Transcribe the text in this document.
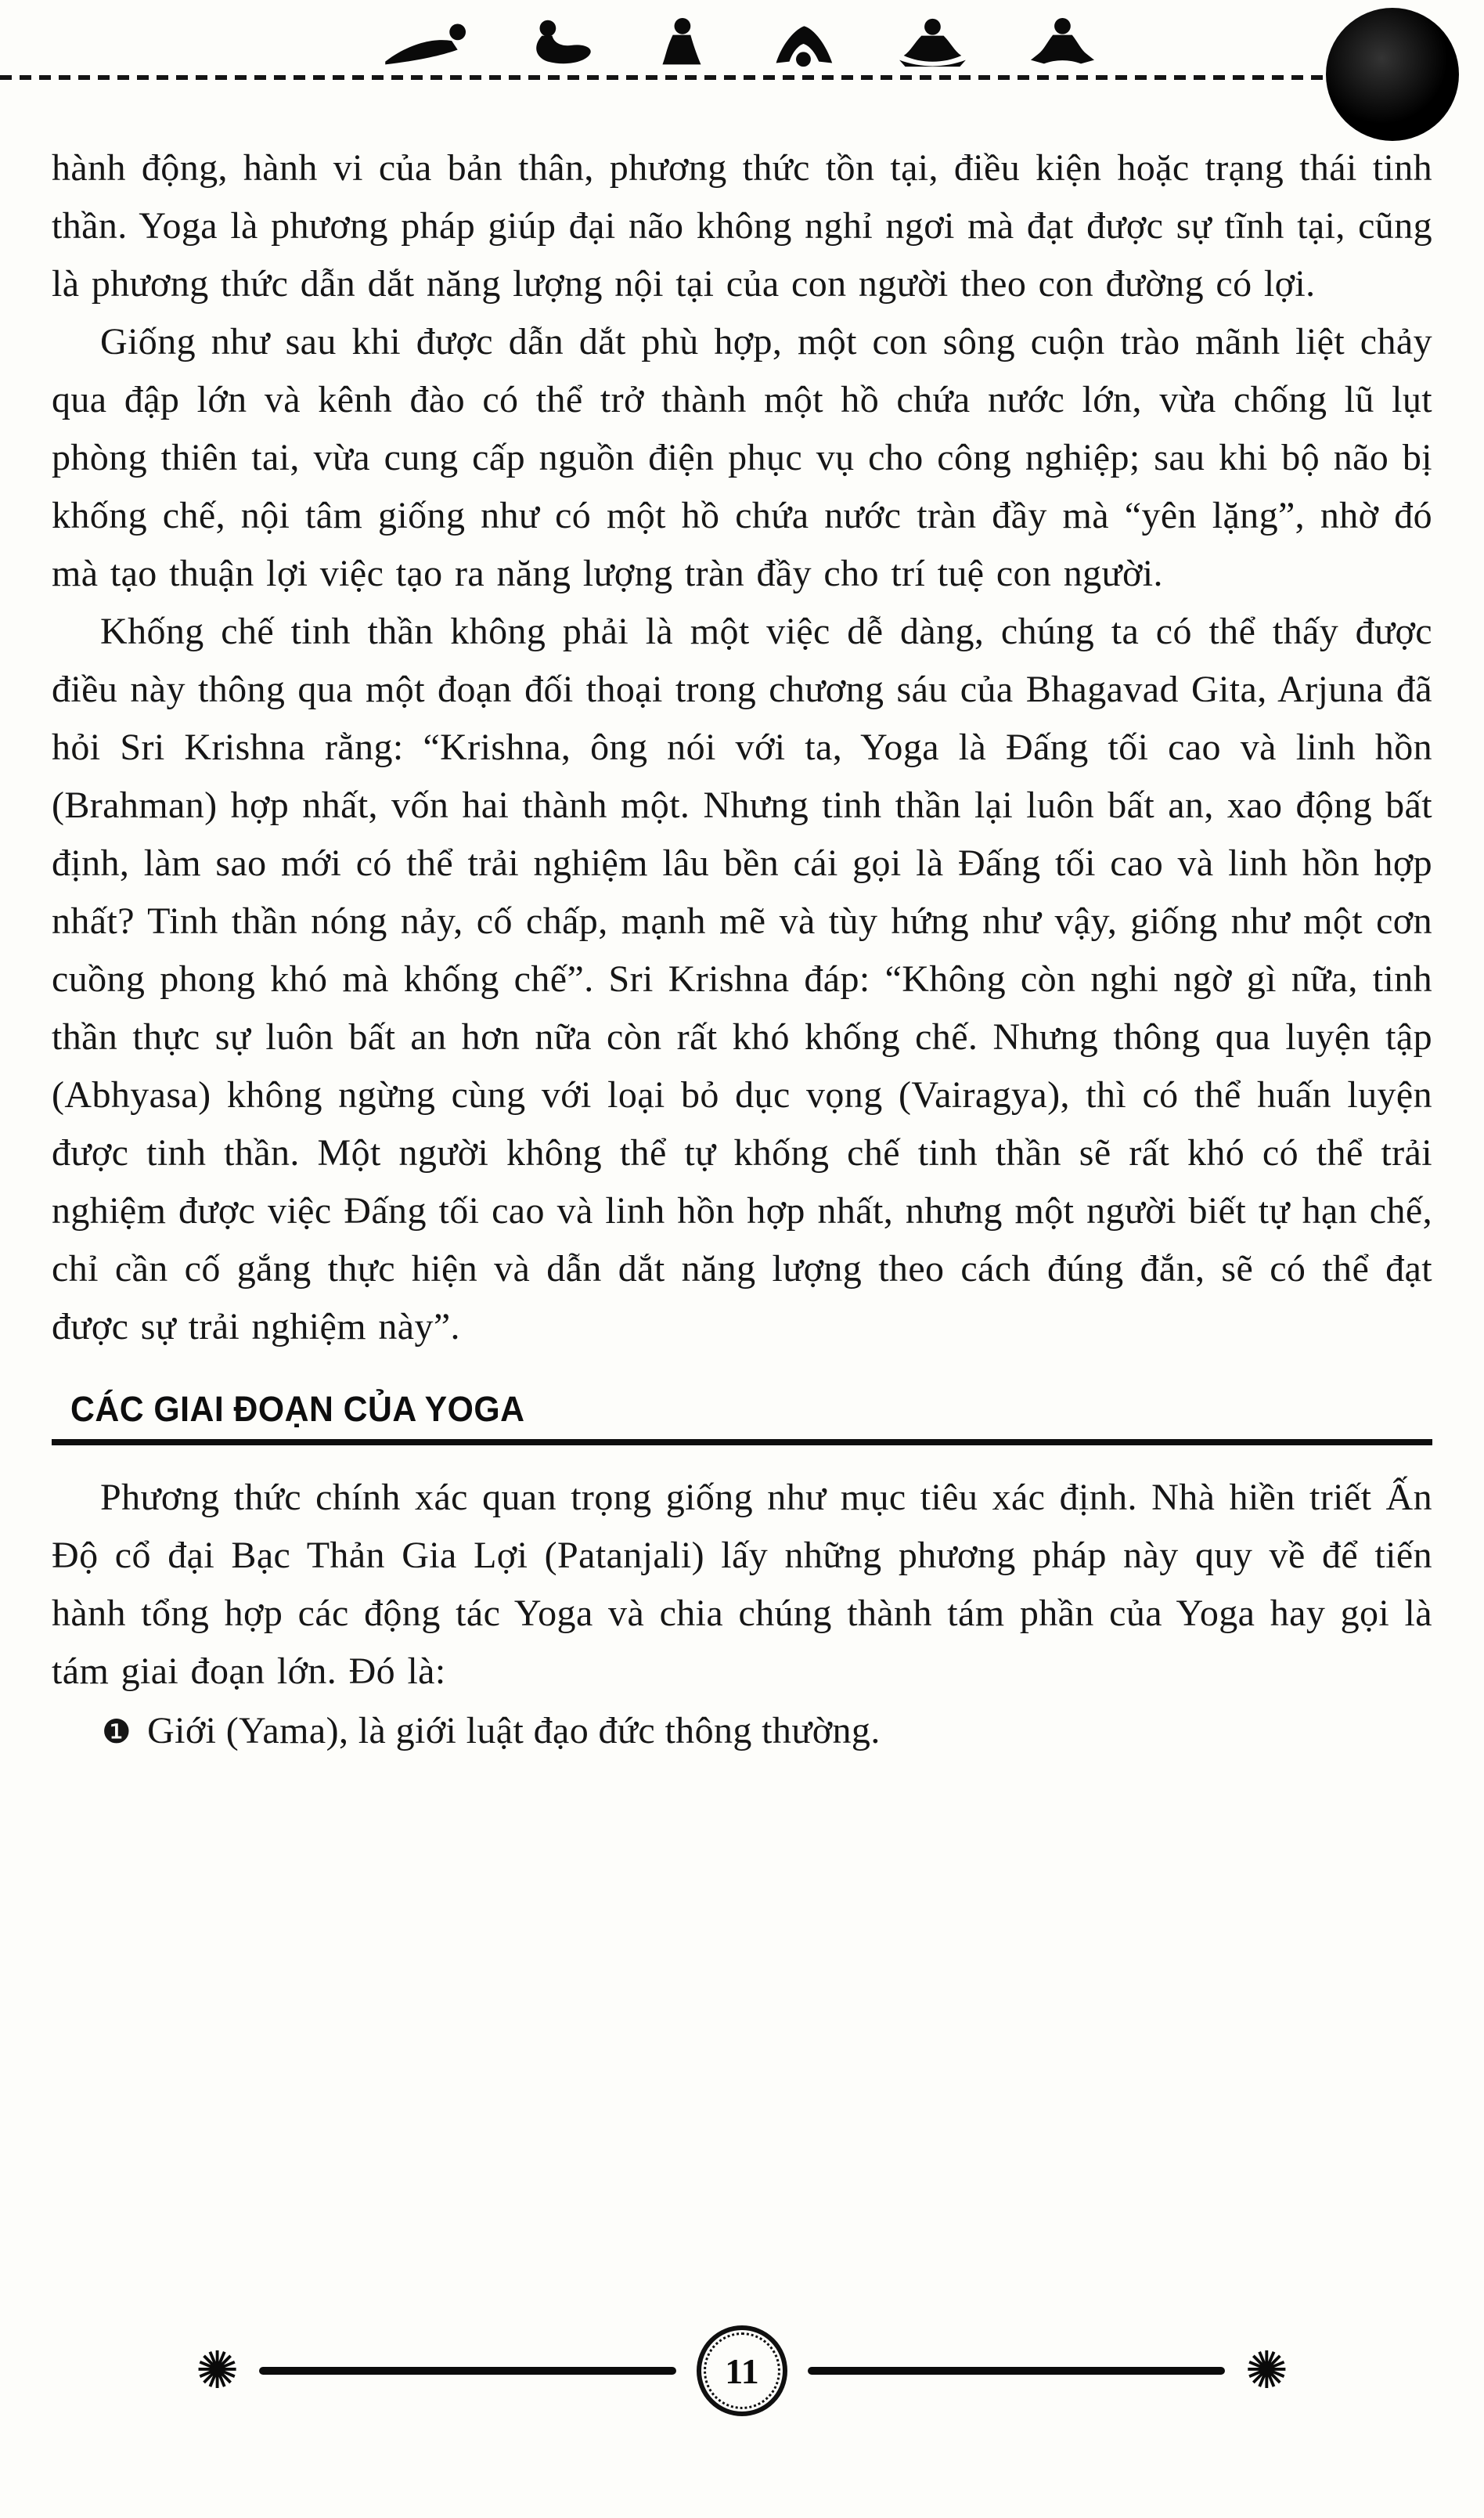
hành động, hành vi của bản thân, phương thức tồn tại, điều kiện hoặc trạng thái tinh thần. Yoga là phương pháp giúp đại não không nghỉ ngơi mà đạt được sự tĩnh tại, cũng là phương thức dẫn dắt năng lượng nội tại của con người theo con đường có lợi.

Giống như sau khi được dẫn dắt phù hợp, một con sông cuộn trào mãnh liệt chảy qua đập lớn và kênh đào có thể trở thành một hồ chứa nước lớn, vừa chống lũ lụt phòng thiên tai, vừa cung cấp nguồn điện phục vụ cho công nghiệp; sau khi bộ não bị khống chế, nội tâm giống như có một hồ chứa nước tràn đầy mà “yên lặng”, nhờ đó mà tạo thuận lợi việc tạo ra năng lượng tràn đầy cho trí tuệ con người.

Khống chế tinh thần không phải là một việc dễ dàng, chúng ta có thể thấy được điều này thông qua một đoạn đối thoại trong chương sáu của Bhagavad Gita, Arjuna đã hỏi Sri Krishna rằng: “Krishna, ông nói với ta, Yoga là Đấng tối cao và linh hồn (Brahman) hợp nhất, vốn hai thành một. Nhưng tinh thần lại luôn bất an, xao động bất định, làm sao mới có thể trải nghiệm lâu bền cái gọi là Đấng tối cao và linh hồn hợp nhất? Tinh thần nóng nảy, cố chấp, mạnh mẽ và tùy hứng như vậy, giống như một cơn cuồng phong khó mà khống chế”. Sri Krishna đáp: “Không còn nghi ngờ gì nữa, tinh thần thực sự luôn bất an hơn nữa còn rất khó khống chế. Nhưng thông qua luyện tập (Abhyasa) không ngừng cùng với loại bỏ dục vọng (Vairagya), thì có thể huấn luyện được tinh thần. Một người không thể tự khống chế tinh thần sẽ rất khó có thể trải nghiệm được việc Đấng tối cao và linh hồn hợp nhất, nhưng một người biết tự hạn chế, chỉ cần cố gắng thực hiện và dẫn dắt năng lượng theo cách đúng đắn, sẽ có thể đạt được sự trải nghiệm này”.

CÁC GIAI ĐOẠN CỦA YOGA

Phương thức chính xác quan trọng giống như mục tiêu xác định. Nhà hiền triết Ấn Độ cổ đại Bạc Thản Gia Lợi (Patanjali) lấy những phương pháp này quy về để tiến hành tổng hợp các động tác Yoga và chia chúng thành tám phần của Yoga hay gọi là tám giai đoạn lớn. Đó là:

❶ Giới (Yama), là giới luật đạo đức thông thường.
✺	11	✺
